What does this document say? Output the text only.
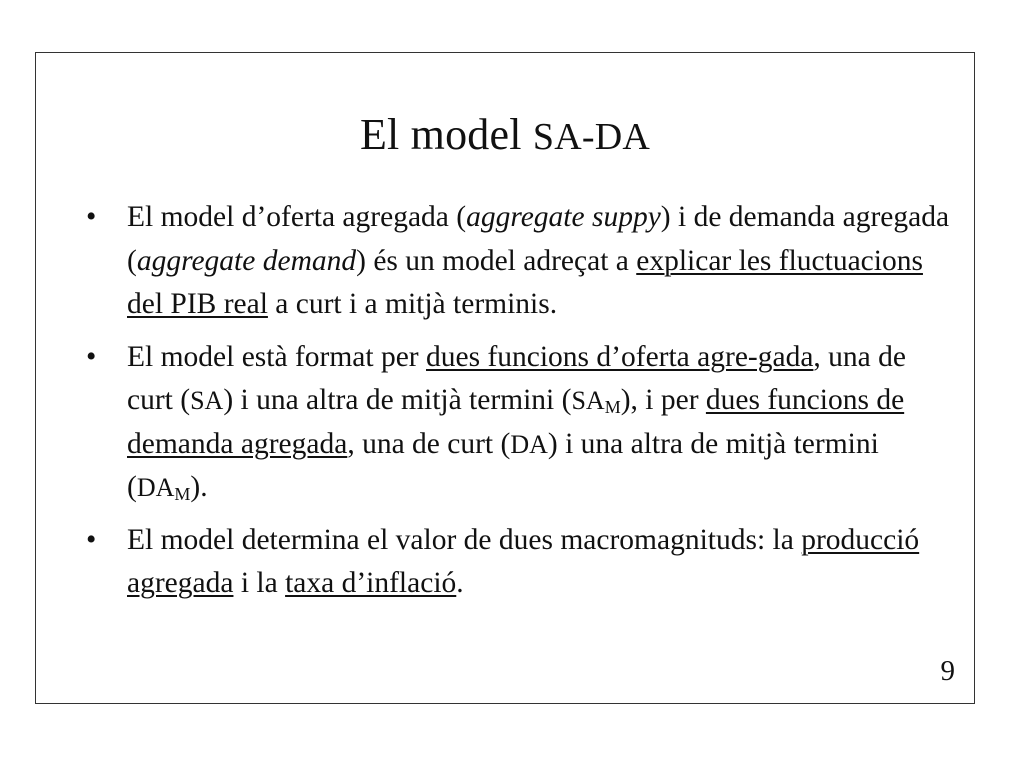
El model SA-DA
•	El model d’oferta agregada (aggregate suppy) i de demanda agregada (aggregate demand) és un model adreçat a explicar les fluctuacions del PIB real a curt i a mitjà terminis.
•	El model està format per dues funcions d’oferta agre-gada, una de curt (SA) i una altra de mitjà termini $(SA_M)$, i per dues funcions de demanda agregada, una de curt (DA) i una altra de mitjà termini $(DA_M)$.
•	El model determina el valor de dues macromagnituds: la producció agregada i la taxa d’inflació.
9
